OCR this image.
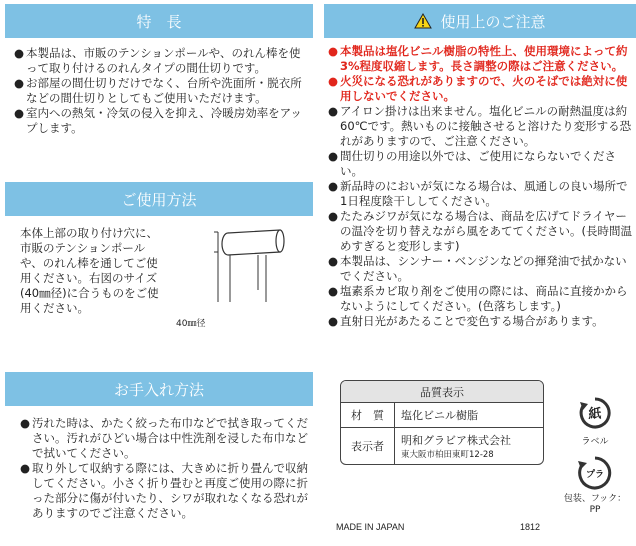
特　長
● 本製品は、市販のテンションポールや、のれん棒を使って取り付けるのれんタイプの間仕切りです。
● お部屋の間仕切りだけでなく、台所や洗面所・脱衣所などの間仕切りとしてもご使用いただけます。
● 室内への熱気・冷気の侵入を抑え、冷暖房効率をアップします。
ご使用方法
本体上部の取り付け穴に、市販のテンションポールや、のれん棒を通してご使用ください。右図のサイズ(40㎜径)に合うものをご使用ください。
40㎜径
お手入れ方法
● 汚れた時は、かたく絞った布巾などで拭き取ってください。汚れがひどい場合は中性洗剤を浸した布巾などで拭いてください。
● 取り外して収納する際には、大きめに折り畳んで収納してください。小さく折り畳むと再度ご使用の際に折った部分に傷が付いたり、シワが取れなくなる恐れがありますのでご注意ください。
使用上のご注意
● 本製品は塩化ビニル樹脂の特性上、使用環境によって約3%程度収縮します。長さ調整の際はご注意ください。
● 火災になる恐れがありますので、火のそばでは絶対に使用しないでください。
● アイロン掛けは出来ません。塩化ビニルの耐熱温度は約60℃です。熱いものに接触させると溶けたり変形する恐れがありますので、ご注意ください。
● 間仕切りの用途以外では、ご使用にならないでください。
● 新品時のにおいが気になる場合は、風通しの良い場所で1日程度陰干ししてください。
● たたみジワが気になる場合は、商品を広げてドライヤーの温冷を切り替えながら風をあててください。(長時間温めすぎると変形します)
● 本製品は、シンナー・ベンジンなどの揮発油で拭かないでください。
● 塩素系カビ取り剤をご使用の際には、商品に直接かからないようにしてください。(色落ちします。)
● 直射日光があたることで変色する場合があります。
品質表示
材　質	塩化ビニル樹脂
表示者	明和グラビア株式会社
東大阪市柏田東町12-28
紙
ラベル
プラ
包装、フック：PP
MADE IN JAPAN	1812
